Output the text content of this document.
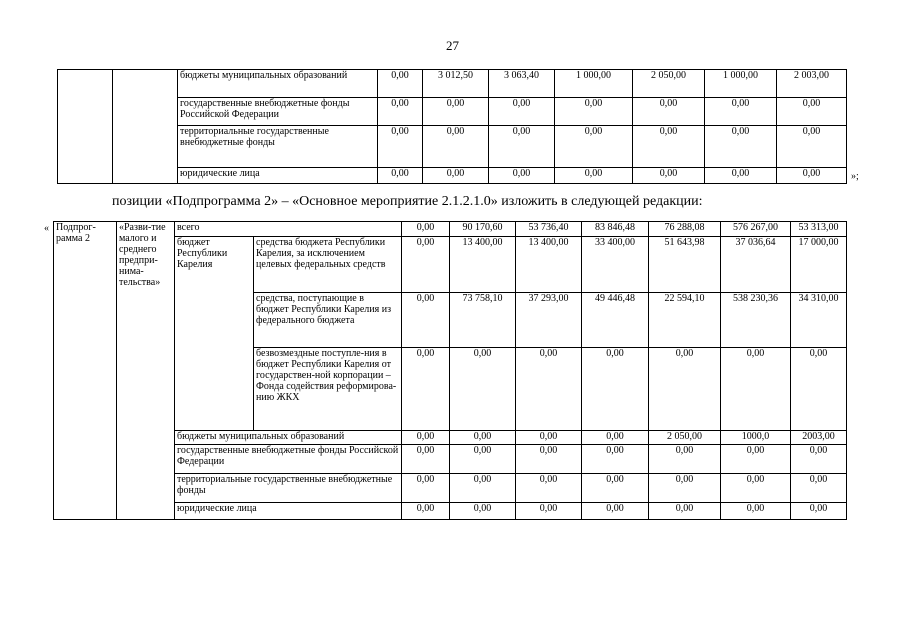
27
		бюджеты муниципальных образований	0,00	3 012,50	3 063,40	1 000,00	2 050,00	1 000,00	2 003,00
		государственные внебюджетные фонды Российской Федерации	0,00	0,00	0,00	0,00	0,00	0,00	0,00
		территориальные государственные внебюджетные фонды	0,00	0,00	0,00	0,00	0,00	0,00	0,00
		юридические лица	0,00	0,00	0,00	0,00	0,00	0,00	0,00	»;
позиции «Подпрограмма 2» – «Основное мероприятие 2.1.2.1.0» изложить в следующей редакции:
« Подпрог-рамма 2	«Разви-тие малого и среднего предпри-нима-тельства»	всего		0,00	90 170,60	53 736,40	83 846,48	76 288,08	576 267,00	53 313,00
		бюджет Республики Карелия	средства бюджета Республики Карелия, за исключением целевых федеральных средств	0,00	13 400,00	13 400,00	33 400,00	51 643,98	37 036,64	17 000,00
			средства, поступающие в бюджет Республики Карелия из федерального бюджета	0,00	73 758,10	37 293,00	49 446,48	22 594,10	538 230,36	34 310,00
			безвозмездные поступле-ния в бюджет Республики Карелия от государствен-ной корпорации – Фонда содействия реформирова-нию ЖКХ	0,00	0,00	0,00	0,00	0,00	0,00	0,00
		бюджеты муниципальных образований		0,00	0,00	0,00	0,00	2 050,00	1000,0	2003,00
		государственные внебюджетные фонды Российской Федерации		0,00	0,00	0,00	0,00	0,00	0,00	0,00
		территориальные государственные внебюджетные фонды		0,00	0,00	0,00	0,00	0,00	0,00	0,00
		юридические лица		0,00	0,00	0,00	0,00	0,00	0,00	0,00
